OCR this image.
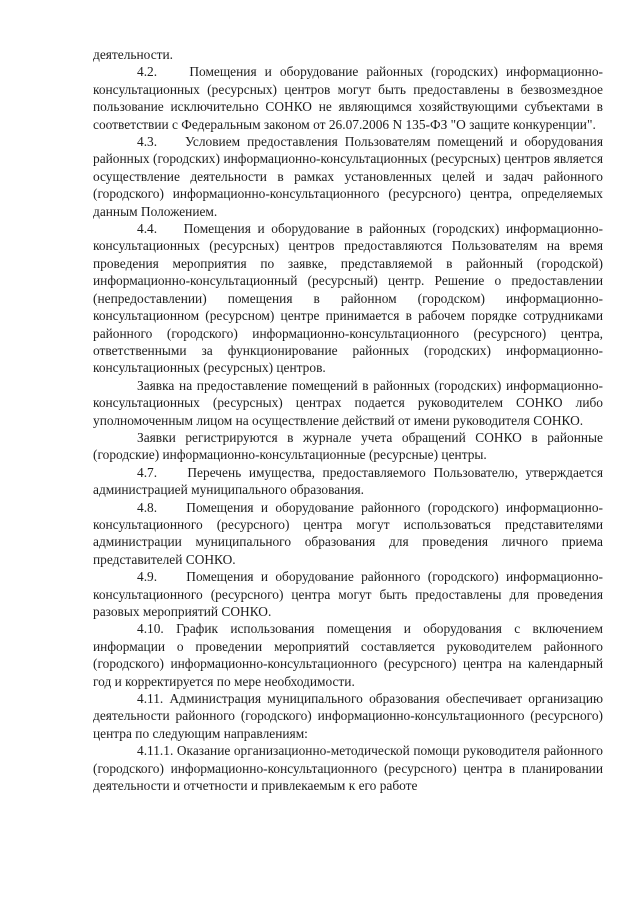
деятельности.

4.2.    Помещения и оборудование районных (городских) информационно-консультационных (ресурсных) центров могут быть предоставлены в безвозмездное пользование исключительно СОНКО не являющимся хозяйствующими субъектами в соответствии с Федеральным законом от 26.07.2006 N 135-ФЗ "О защите конкуренции".

4.3.    Условием предоставления Пользователям помещений и оборудования районных (городских) информационно-консультационных (ресурсных) центров является осуществление деятельности в рамках установленных целей и задач районного (городского) информационно-консультационного (ресурсного) центра, определяемых данным Положением.

4.4.    Помещения и оборудование в районных (городских) информационно-консультационных (ресурсных) центров предоставляются Пользователям на время проведения мероприятия по заявке, представляемой в районный (городской) информационно-консультационный (ресурсный) центр. Решение о предоставлении (непредоставлении) помещения в районном (городском) информационно-консультационном (ресурсном) центре принимается в рабочем порядке сотрудниками районного (городского) информационно-консультационного (ресурсного) центра, ответственными за функционирование районных (городских) информационно-консультационных (ресурсных) центров.

Заявка на предоставление помещений в районных (городских) информационно-консультационных (ресурсных) центрах подается руководителем СОНКО либо уполномоченным лицом на осуществление действий от имени руководителя СОНКО.

Заявки регистрируются в журнале учета обращений СОНКО в районные (городские) информационно-консультационные (ресурсные) центры.

4.7.    Перечень имущества, предоставляемого Пользователю, утверждается администрацией муниципального образования.

4.8.    Помещения и оборудование районного (городского) информационно-консультационного (ресурсного) центра могут использоваться представителями администрации муниципального образования для проведения личного приема представителей СОНКО.

4.9.    Помещения и оборудование районного (городского) информационно-консультационного (ресурсного) центра могут быть предоставлены для проведения разовых мероприятий СОНКО.

4.10. График использования помещения и оборудования с включением информации о проведении мероприятий составляется руководителем районного (городского) информационно-консультационного (ресурсного) центра на календарный год и корректируется по мере необходимости.

4.11. Администрация муниципального образования обеспечивает организацию деятельности районного (городского) информационно-консультационного (ресурсного) центра по следующим направлениям:

4.11.1. Оказание организационно-методической помощи руководителя районного (городского) информационно-консультационного (ресурсного) центра в планировании деятельности и отчетности и привлекаемым к его работе
